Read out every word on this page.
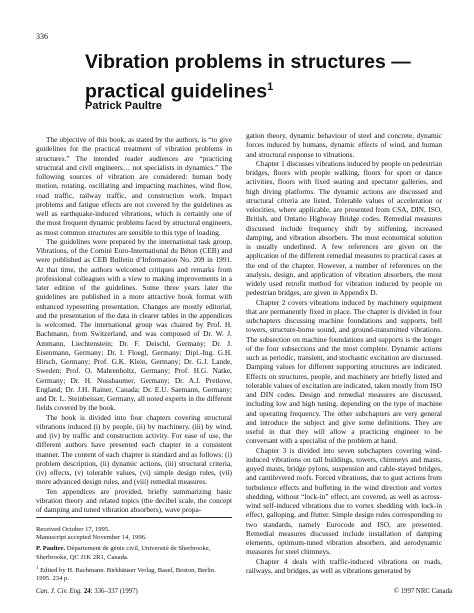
336
Vibration problems in structures — practical guidelines$^1$
Patrick Paultre

The objective of this book, as stated by the authors, is “to give guidelines for the practical treatment of vibration problems in structures.” The intended reader audiences are “practicing structural and civil engineers… not specialists in dynamics.” The following sources of vibration are considered: human body motion, rotating, oscillating and impacting machines, wind flow, road traffic, railway traffic, and construction work. Impact problems and fatigue effects are not covered by the guidelines as well as earthquake-induced vibrations, which is certainly one of the most frequent dynamic problems faced by structural engineers, as most common structures are sensible to this type of loading.

The guidelines were prepared by the international task group, Vibrations, of the Comité Euro-International du Béton (CEB) and were published as CEB Bulletin d’Information No. 209 in 1991. At that time, the authors welcomed critiques and remarks from professional colleagues with a view to making improvements in a later edition of the guidelines. Some three years later the guidelines are published in a more attractive book format with enhanced typesetting presentation. Changes are mostly editorial, and the presentation of the data in clearer tables in the appendices is welcomed. The international group was chaired by Prof. H. Bachmann, from Switzerland, and was composed of Dr. W. J. Ammann, Liechtenstein; Dr. F. Deischl, Germany; Dr. J. Eisenmann, Germany; Dr. I. Floegl, Germany; Dipl.-Ing. G.H. Hirsch, Germany; Prof. G.K. Klein, Germany; Dr. G.J. Lande, Sweden; Prof. O. Mahrenholtz, Germany; Prof. H.G. Natke, Germany; Dr. H. Nussbaumer, Germany; Dr. A.J. Pretlove, England; Dr. J.H. Rainer, Canada; Dr. E.U. Saemann, Germany; and Dr. L. Steinbeisser, Germany, all noted experts in the different fields covered by the book.

The book is divided into four chapters covering structural vibrations induced (i) by people, (ii) by machinery, (iii) by wind, and (iv) by traffic and construction activity. For ease of use, the different authors have presented each chapter in a consistent manner. The content of each chapter is standard and as follows: (i) problem description, (ii) dynamic actions, (iii) structural criteria, (iv) effects, (v) tolerable values, (vi) simple design rules, (vii) more advanced design rules, and (viii) remedial measures.

Ten appendices are provided, briefly summarizing basic vibration theory and related topics (the decibel scale, the concept of damping and tuned vibration absorbers), wave propa-

gation theory, dynamic behaviour of steel and concrete, dynamic forces induced by humans, dynamic effects of wind, and human and structural response to vibrations.

Chapter 1 discusses vibrations induced by people on pedestrian bridges, floors with people walking, floors for sport or dance activities, floors with fixed seating and spectator galleries, and high diving platforms. The dynamic actions are discussed and structural criteria are listed. Tolerable values of acceleration or velocities, where applicable, are presented from CSA, DIN, ISO, British, and Ontario Highway Bridge codes. Remedial measures discussed include frequency shift by stiffening, increased damping, and vibration absorbers. The most economical solution is usually underlined. A few references are given on the application of the different remedial measures to practical cases at the end of the chapter. However, a number of references on the analysis, design, and application of vibration absorbers, the most widely used retrofit method for vibration induced by people on pedestrian bridges, are given in Appendix D.

Chapter 2 covers vibrations induced by machinery equipment that are permanently fixed in place. The chapter is divided in four subchapters discussing machine foundations and supports, bell towers, structure-borne sound, and ground-transmitted vibrations. The subsection on machine foundations and supports is the longer of the four subsections and the most complete. Dynamic actions such as periodic, transient, and stochastic excitation are discussed. Damping values for different supporting structures are indicated. Effects on structures, people, and machinery are briefly listed and tolerable values of excitation are indicated, taken mostly from ISO and DIN codes. Design and remedial measures are discussed, including low and high tuning, depending on the type of machine and operating frequency. The other subchapters are very general and introduce the subject and give some definitions. They are useful in that they will allow a practicing engineer to be conversant with a specialist of the problem at hand.

Chapter 3 is divided into seven subchapters covering wind-induced vibrations on tall buildings, towers, chimneys and masts, guyed masts, bridge pylons, suspension and cable-stayed bridges, and cantilevered roofs. Forced vibrations, due to gust actions from turbulence effects and buffeting in the wind direction and vortex shedding, without “lock-in” effect, are covered, as well as across-wind self-induced vibrations due to vortex shedding with lock-in effect, galloping, and flutter. Simple design rules corresponding to two standards, namely Eurocode and ISO, are presented. Remedial measures discussed include installation of damping elements, optimum-tuned vibration absorbers, and aerodynamic measures for steel chimneys.

Chapter 4 deals with traffic-induced vibrations on roads, railways, and bridges, as well as vibrations generated by

Received October 17, 1995.
Manuscript accepted November 14, 1996.

P. Paultre. Département de génie civil, Université de Sherbrooke, Sherbrooke, QC J1K 2R1, Canada.

$^1$ Edited by H. Bachmann. Birkhäuser Verlag, Basel, Boston, Berlin. 1995. 234 p.

Can. J. Civ. Eng. 24: 336–337 (1997)	© 1997 NRC Canada
